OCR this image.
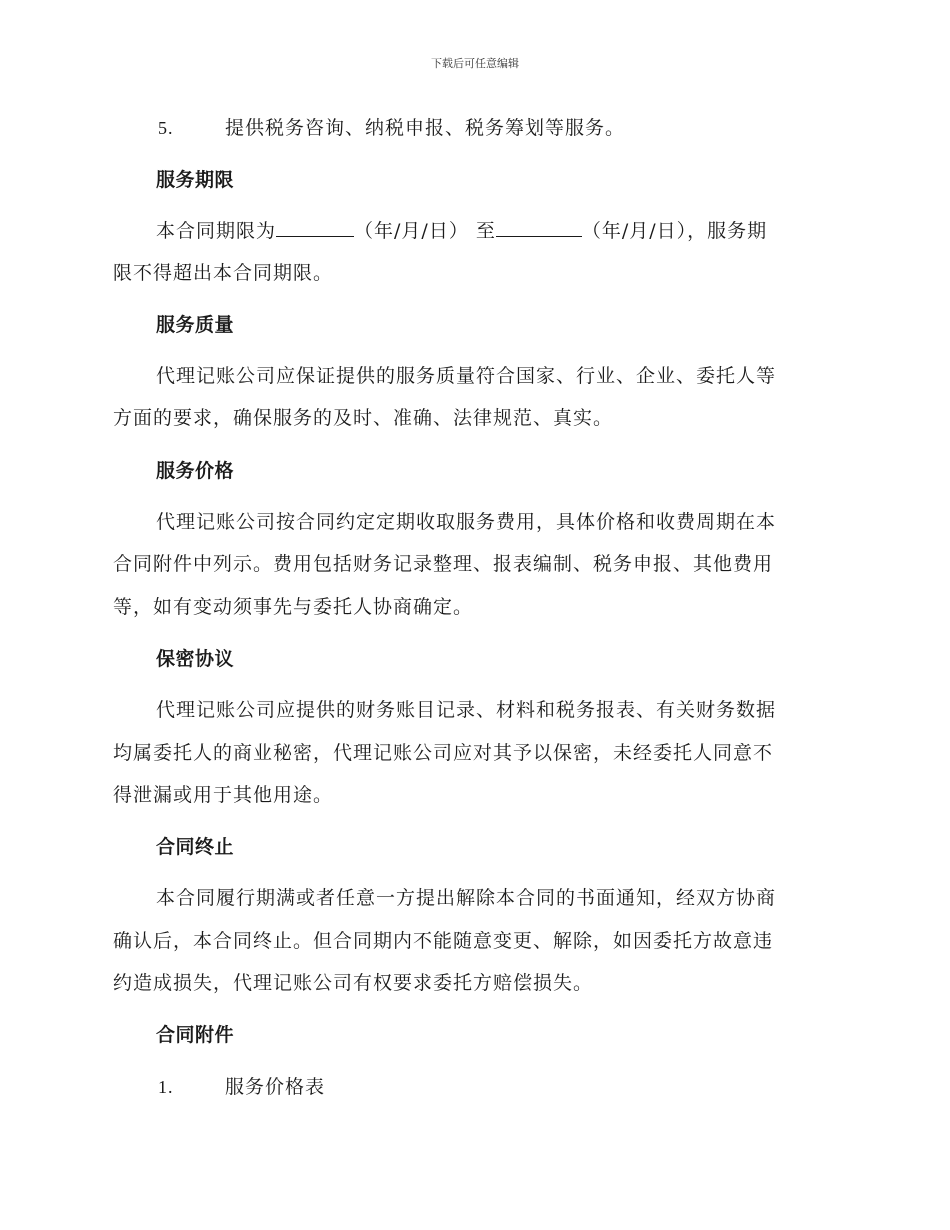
下载后可任意编辑
5.	提供税务咨询、纳税申报、税务筹划等服务。
服务期限
本合同期限为	（年/月/日） 至	（年/月/日），服务期
限不得超出本合同期限。
服务质量
代理记账公司应保证提供的服务质量符合国家、行业、企业、委托人等
方面的要求，确保服务的及时、准确、法律规范、真实。
服务价格
代理记账公司按合同约定定期收取服务费用，具体价格和收费周期在本
合同附件中列示。费用包括财务记录整理、报表编制、税务申报、其他费用
等，如有变动须事先与委托人协商确定。
保密协议
代理记账公司应提供的财务账目记录、材料和税务报表、有关财务数据
均属委托人的商业秘密，代理记账公司应对其予以保密，未经委托人同意不
得泄漏或用于其他用途。
合同终止
本合同履行期满或者任意一方提出解除本合同的书面通知，经双方协商
确认后，本合同终止。但合同期内不能随意变更、解除，如因委托方故意违
约造成损失，代理记账公司有权要求委托方赔偿损失。
合同附件
1.	服务价格表
